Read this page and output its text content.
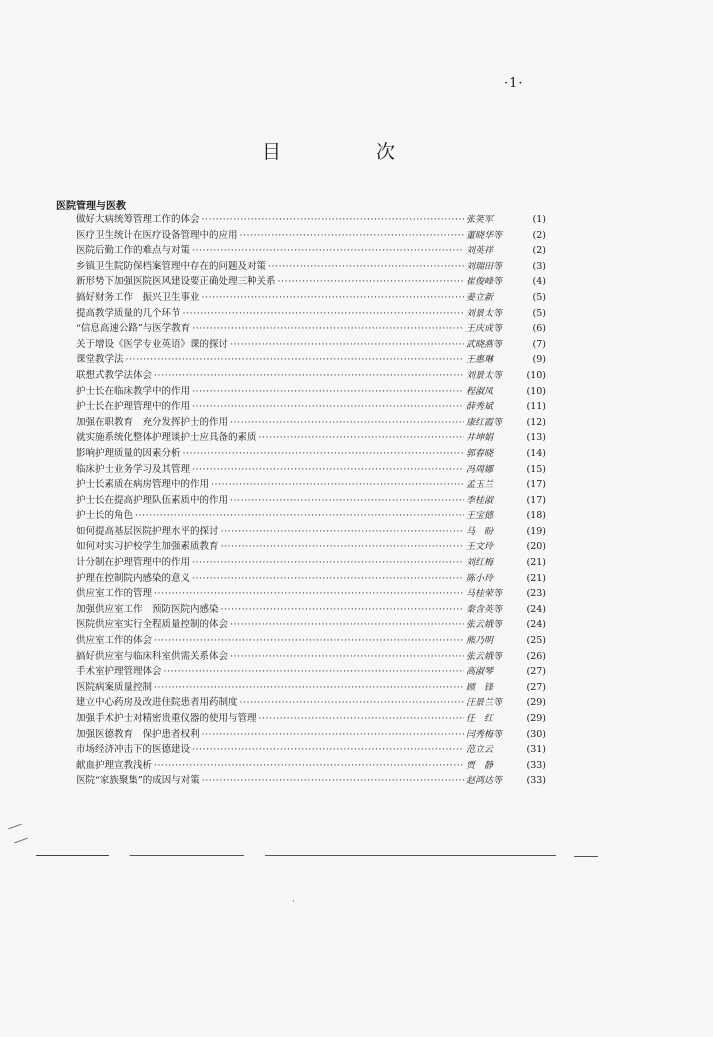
·1·
目　次
医院管理与医教
做好大病统筹管理工作的体会 ·····	张笑军	(1)
医疗卫生统计在医疗设备管理中的应用 ·····	董晓华等	(2)
医院后勤工作的难点与对策 ·····	刘英祥	(2)
乡镇卫生院防保档案管理中存在的问题及对策 ·····	刘瑞田等	(3)
新形势下加强医院医风建设要正确处理三种关系 ·····	崔俊峰等	(4)
搞好财务工作　振兴卫生事业 ·····	姜立新	(5)
提高教学质量的几个环节 ·····	刘景太等	(5)
“信息高速公路”与医学教育 ·····	王庆成等	(6)
关于增设《医学专业英语》课的探讨 ·····	武晓燕等	(7)
课堂教学法 ·····	王惠琳	(9)
联想式教学法体会 ·····	刘景太等	(10)
护士长在临床教学中的作用 ·····	程淑凤	(10)
护士长在护理管理中的作用 ·····	薛秀斌	(11)
加强在职教育　充分发挥护士的作用 ·····	康红霞等	(12)
就实施系统化整体护理谈护士应具备的素质 ·····	井坤娟	(13)
影响护理质量的因素分析 ·····	郭春晓	(14)
临床护士业务学习及其管理 ·····	冯周娜	(15)
护士长素质在病房管理中的作用 ·····	孟玉兰	(17)
护士长在提高护理队伍素质中的作用 ·····	李桂淑	(17)
护士长的角色 ·····	王宝德	(18)
如何提高基层医院护理水平的探讨 ·····	马　盼	(19)
如何对实习护校学生加强素质教育 ·····	王文玲	(20)
计分制在护理管理中的作用 ·····	刘红梅	(21)
护理在控制院内感染的意义 ·····	陈小玲	(21)
供应室工作的管理 ·····	马桂荣等	(23)
加强供应室工作　预防医院内感染 ·····	秦含英等	(24)
医院供应室实行全程质量控制的体会 ·····	张云娥等	(24)
供应室工作的体会 ·····	熊乃明	(25)
搞好供应室与临床科室供需关系体会 ·····	张云娥等	(26)
手术室护理管理体会 ·····	高淑琴	(27)
医院病案质量控制 ·····	顾　锋	(27)
建立中心药房及改进住院患者用药制度 ·····	汪景兰等	(29)
加强手术护士对精密贵重仪器的使用与管理 ·····	任　红	(29)
加强医德教育　保护患者权利 ·····	闫秀梅等	(30)
市场经济冲击下的医德建设 ·····	范立云	(31)
献血护理宣教浅析 ·····	贾　静	(33)
医院“家族聚集”的成因与对策 ·····	赵鸿达等	(33)
